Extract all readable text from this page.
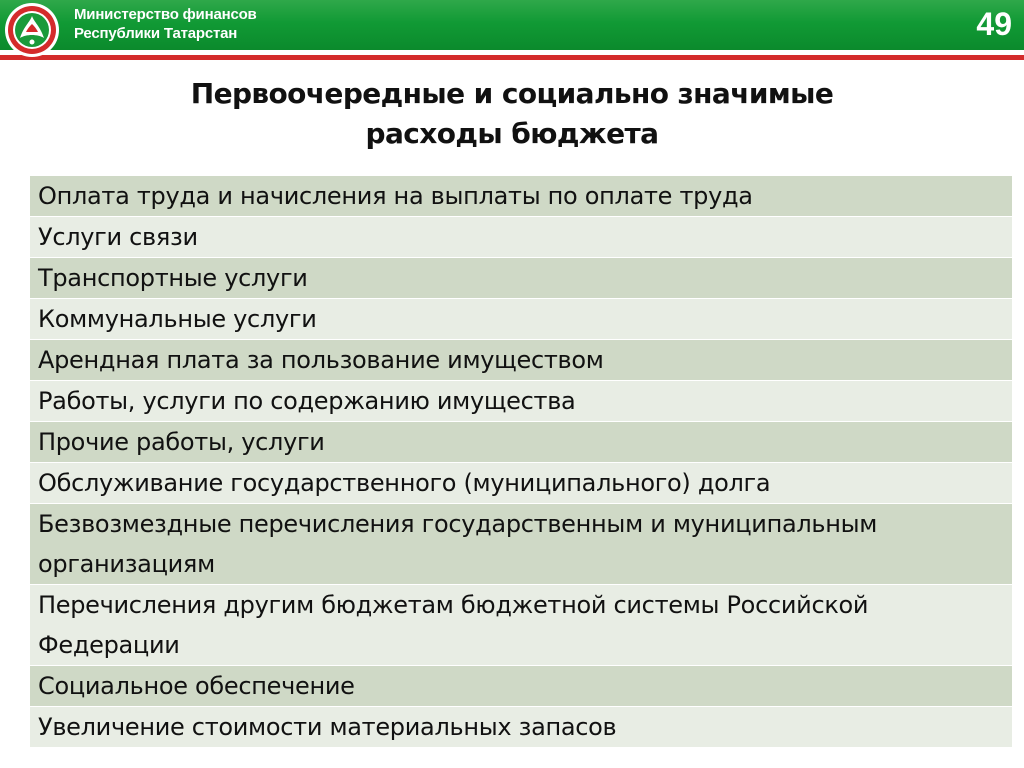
Министерство финансов
Республики Татарстан	49
Первоочередные и социально значимые
расходы бюджета
Оплата труда и начисления на выплаты по оплате труда
Услуги связи
Транспортные услуги
Коммунальные услуги
Арендная плата за пользование имуществом
Работы, услуги по содержанию имущества
Прочие работы, услуги
Обслуживание государственного (муниципального) долга
Безвозмездные перечисления государственным и муниципальным организациям
Перечисления другим бюджетам бюджетной системы Российской Федерации
Социальное обеспечение
Увеличение стоимости материальных запасов
